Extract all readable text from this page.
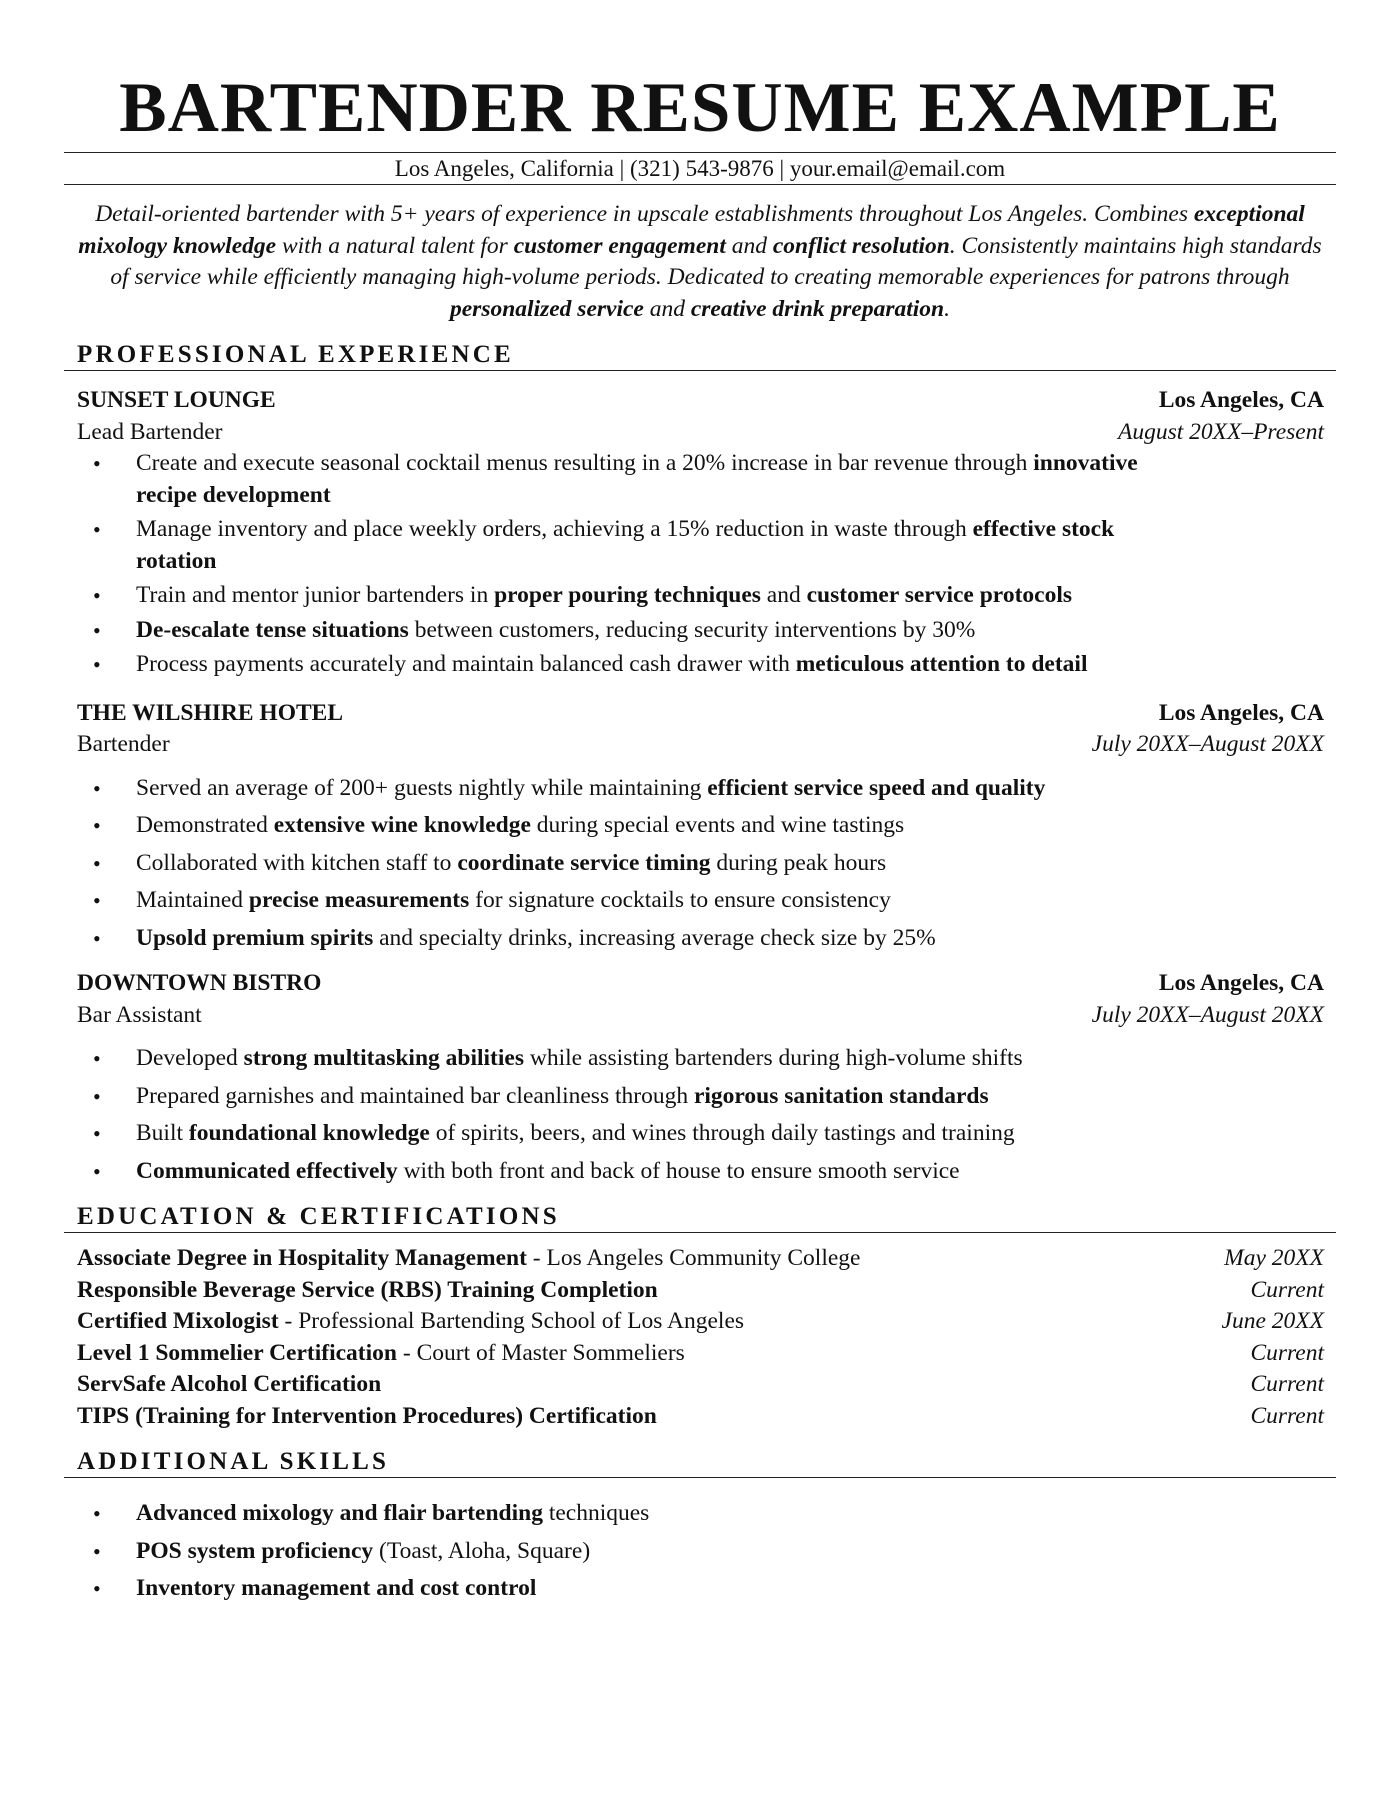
BARTENDER RESUME EXAMPLE
Los Angeles, California | (321) 543-9876 | your.email@email.com
Detail-oriented bartender with 5+ years of experience in upscale establishments throughout Los Angeles. Combines exceptional mixology knowledge with a natural talent for customer engagement and conflict resolution. Consistently maintains high standards of service while efficiently managing high-volume periods. Dedicated to creating memorable experiences for patrons through personalized service and creative drink preparation.
PROFESSIONAL EXPERIENCE
SUNSET LOUNGE	Los Angeles, CA
Lead Bartender	August 20XX–Present
• Create and execute seasonal cocktail menus resulting in a 20% increase in bar revenue through innovative recipe development
• Manage inventory and place weekly orders, achieving a 15% reduction in waste through effective stock rotation
• Train and mentor junior bartenders in proper pouring techniques and customer service protocols
• De-escalate tense situations between customers, reducing security interventions by 30%
• Process payments accurately and maintain balanced cash drawer with meticulous attention to detail
THE WILSHIRE HOTEL	Los Angeles, CA
Bartender	July 20XX–August 20XX
• Served an average of 200+ guests nightly while maintaining efficient service speed and quality
• Demonstrated extensive wine knowledge during special events and wine tastings
• Collaborated with kitchen staff to coordinate service timing during peak hours
• Maintained precise measurements for signature cocktails to ensure consistency
• Upsold premium spirits and specialty drinks, increasing average check size by 25%
DOWNTOWN BISTRO	Los Angeles, CA
Bar Assistant	July 20XX–August 20XX
• Developed strong multitasking abilities while assisting bartenders during high-volume shifts
• Prepared garnishes and maintained bar cleanliness through rigorous sanitation standards
• Built foundational knowledge of spirits, beers, and wines through daily tastings and training
• Communicated effectively with both front and back of house to ensure smooth service
EDUCATION & CERTIFICATIONS
Associate Degree in Hospitality Management - Los Angeles Community College	May 20XX
Responsible Beverage Service (RBS) Training Completion	Current
Certified Mixologist - Professional Bartending School of Los Angeles	June 20XX
Level 1 Sommelier Certification - Court of Master Sommeliers	Current
ServSafe Alcohol Certification	Current
TIPS (Training for Intervention Procedures) Certification	Current
ADDITIONAL SKILLS
• Advanced mixology and flair bartending techniques
• POS system proficiency (Toast, Aloha, Square)
• Inventory management and cost control
